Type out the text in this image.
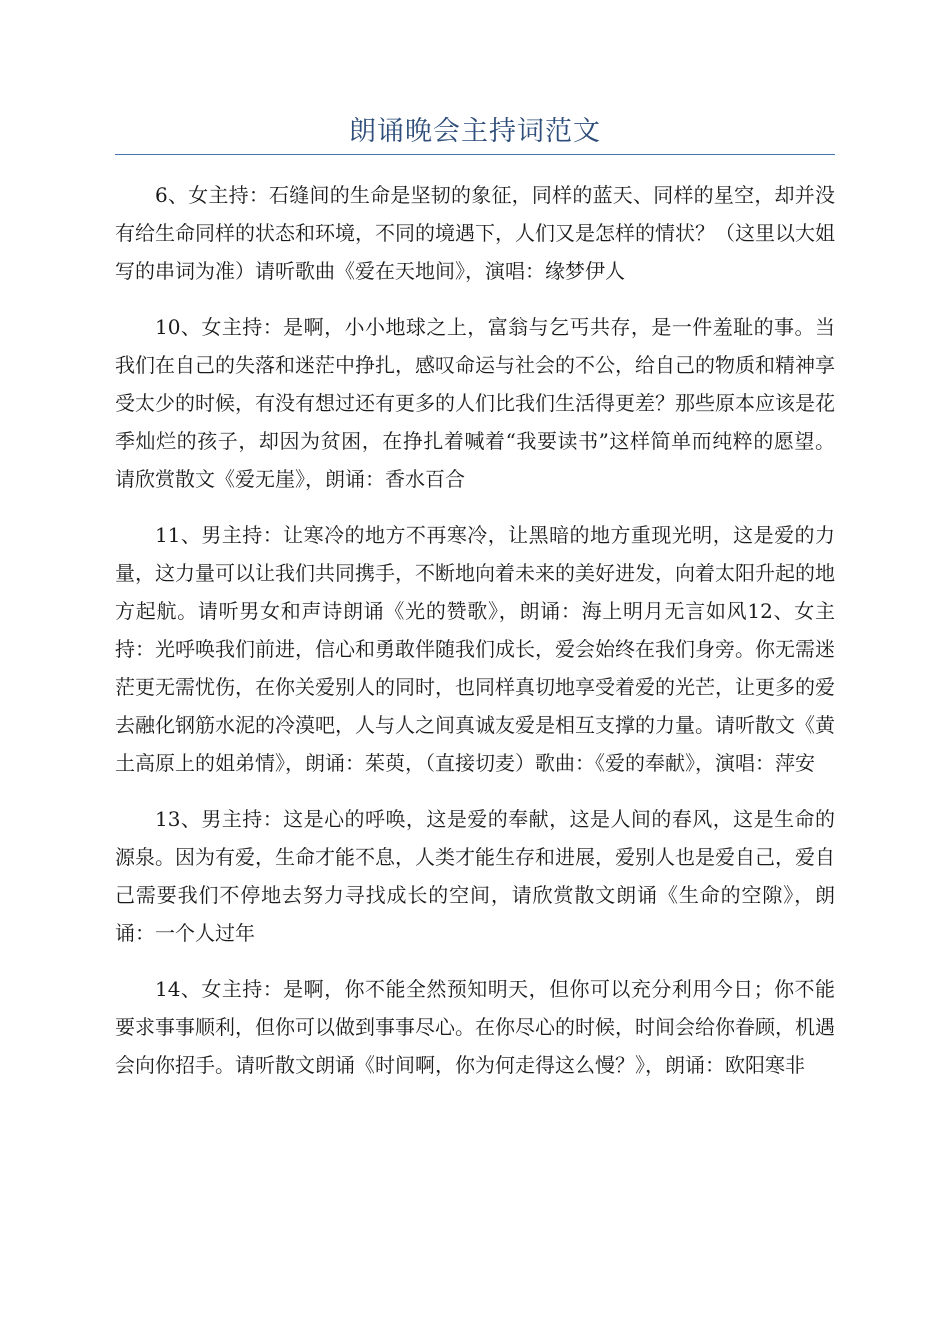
朗诵晚会主持词范文

6、女主持：石缝间的生命是坚韧的象征，同样的蓝天、同样的星空，却并没有给生命同样的状态和环境，不同的境遇下，人们又是怎样的情状？（这里以大姐写的串词为准）请听歌曲《爱在天地间》，演唱：缘梦伊人

10、女主持：是啊，小小地球之上，富翁与乞丐共存，是一件羞耻的事。当我们在自己的失落和迷茫中挣扎，感叹命运与社会的不公，给自己的物质和精神享受太少的时候，有没有想过还有更多的人们比我们生活得更差？那些原本应该是花季灿烂的孩子，却因为贫困，在挣扎着喊着“我要读书”这样简单而纯粹的愿望。请欣赏散文《爱无崖》，朗诵：香水百合

11、男主持：让寒冷的地方不再寒冷，让黑暗的地方重现光明，这是爱的力量，这力量可以让我们共同携手，不断地向着未来的美好进发，向着太阳升起的地方起航。请听男女和声诗朗诵《光的赞歌》，朗诵：海上明月无言如风12、女主持：光呼唤我们前进，信心和勇敢伴随我们成长，爱会始终在我们身旁。你无需迷茫更无需忧伤，在你关爱别人的同时，也同样真切地享受着爱的光芒，让更多的爱去融化钢筋水泥的冷漠吧，人与人之间真诚友爱是相互支撑的力量。请听散文《黄土高原上的姐弟情》，朗诵：茱萸，（直接切麦）歌曲：《爱的奉献》，演唱：萍安

13、男主持：这是心的呼唤，这是爱的奉献，这是人间的春风，这是生命的源泉。因为有爱，生命才能不息，人类才能生存和进展，爱别人也是爱自己，爱自己需要我们不停地去努力寻找成长的空间，请欣赏散文朗诵《生命的空隙》，朗诵：一个人过年

14、女主持：是啊，你不能全然预知明天，但你可以充分利用今日；你不能要求事事顺利，但你可以做到事事尽心。在你尽心的时候，时间会给你眷顾，机遇会向你招手。请听散文朗诵《时间啊，你为何走得这么慢？》，朗诵：欧阳寒非
